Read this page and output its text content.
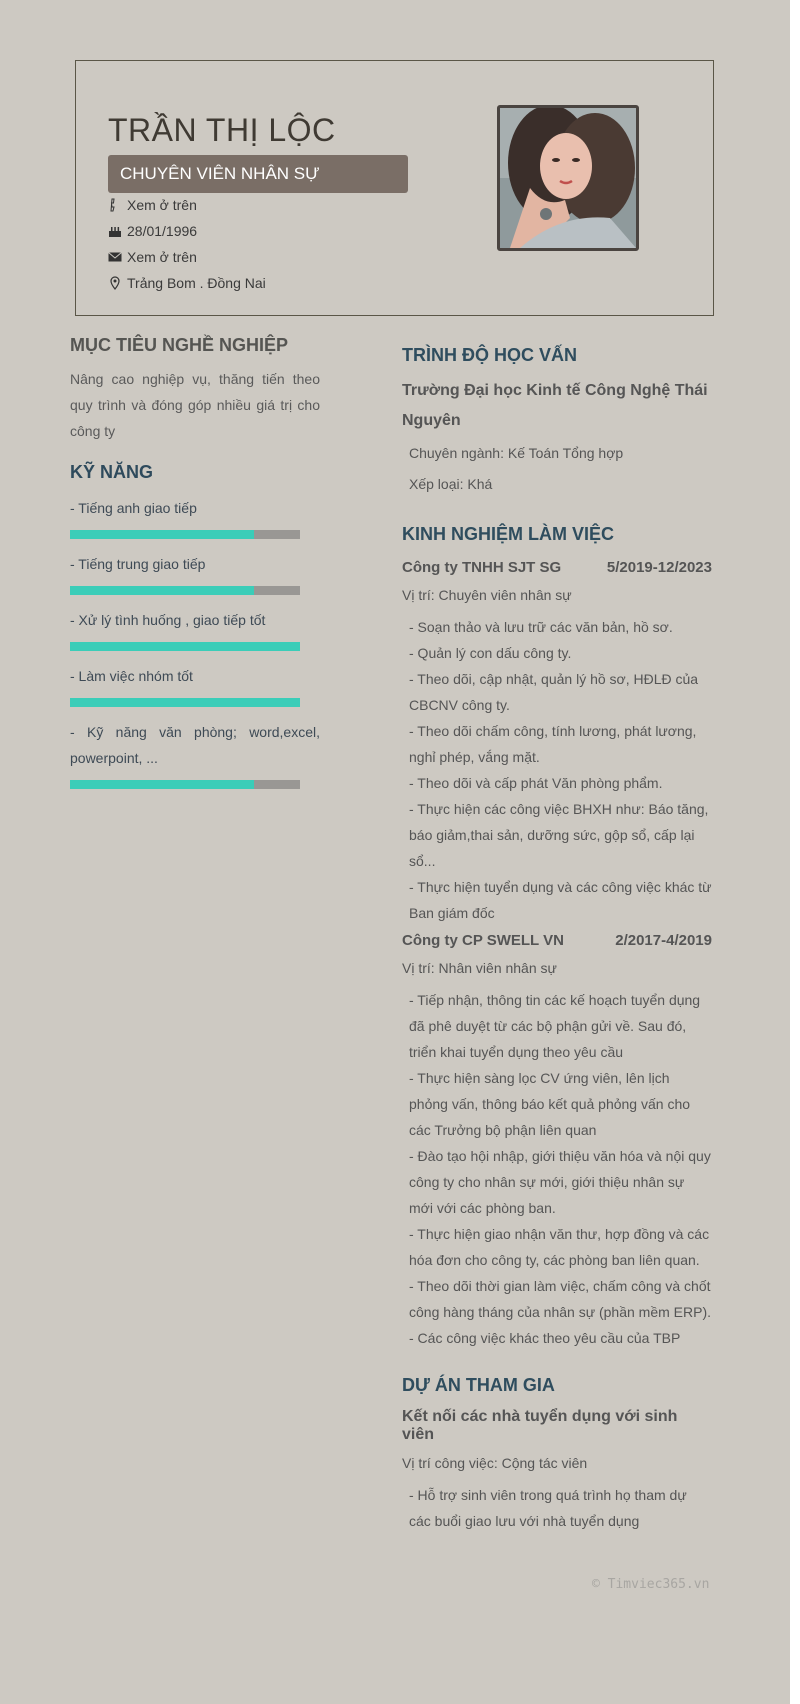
TRẦN THỊ LỘC
CHUYÊN VIÊN NHÂN SỰ
Xem ở trên
28/01/1996
Xem ở trên
Trảng Bom . Đồng Nai
MỤC TIÊU NGHỀ NGHIỆP

Nâng cao nghiệp vụ, thăng tiến theo quy trình và đóng góp nhiều giá trị cho công ty

KỸ NĂNG
- Tiếng anh giao tiếp
- Tiếng trung giao tiếp
- Xử lý tình huống , giao tiếp tốt
- Làm việc nhóm tốt
- Kỹ năng văn phòng; word,excel, powerpoint, ...
TRÌNH ĐỘ HỌC VẤN
Trường Đại học Kinh tế Công Nghệ Thái Nguyên
Chuyên ngành: Kế Toán Tổng hợp
Xếp loại: Khá
KINH NGHIỆM LÀM VIỆC
Công ty TNHH SJT SG	5/2019-12/2023
Vị trí: Chuyên viên nhân sự
- Soạn thảo và lưu trữ các văn bản, hồ sơ.
- Quản lý con dấu công ty.
- Theo dõi, cập nhật, quản lý hồ sơ, HĐLĐ của CBCNV công ty.
- Theo dõi chấm công, tính lương, phát lương, nghỉ phép, vắng mặt.
- Theo dõi và cấp phát Văn phòng phẩm.
- Thực hiện các công việc BHXH như: Báo tăng, báo giảm,thai sản, dưỡng sức, gộp sổ, cấp lại sổ...
- Thực hiện tuyển dụng và các công việc khác từ Ban giám đốc
Công ty CP SWELL VN	2/2017-4/2019
Vị trí: Nhân viên nhân sự
- Tiếp nhận, thông tin các kế hoạch tuyển dụng đã phê duyệt từ các bộ phận gửi về. Sau đó, triển khai tuyển dụng theo yêu cầu
- Thực hiện sàng lọc CV ứng viên, lên lịch phỏng vấn, thông báo kết quả phỏng vấn cho các Trưởng bộ phận liên quan
- Đào tạo hội nhập, giới thiệu văn hóa và nội quy công ty cho nhân sự mới, giới thiệu nhân sự mới với các phòng ban.
- Thực hiện giao nhận văn thư, hợp đồng và các hóa đơn cho công ty, các phòng ban liên quan.
- Theo dõi thời gian làm việc, chấm công và chốt công hàng tháng của nhân sự (phần mềm ERP).
- Các công việc khác theo yêu cầu của TBP
DỰ ÁN THAM GIA
Kết nối các nhà tuyển dụng với sinh viên
Vị trí công việc: Cộng tác viên
- Hỗ trợ sinh viên trong quá trình họ tham dự các buổi giao lưu với nhà tuyển dụng
© Timviec365.vn
